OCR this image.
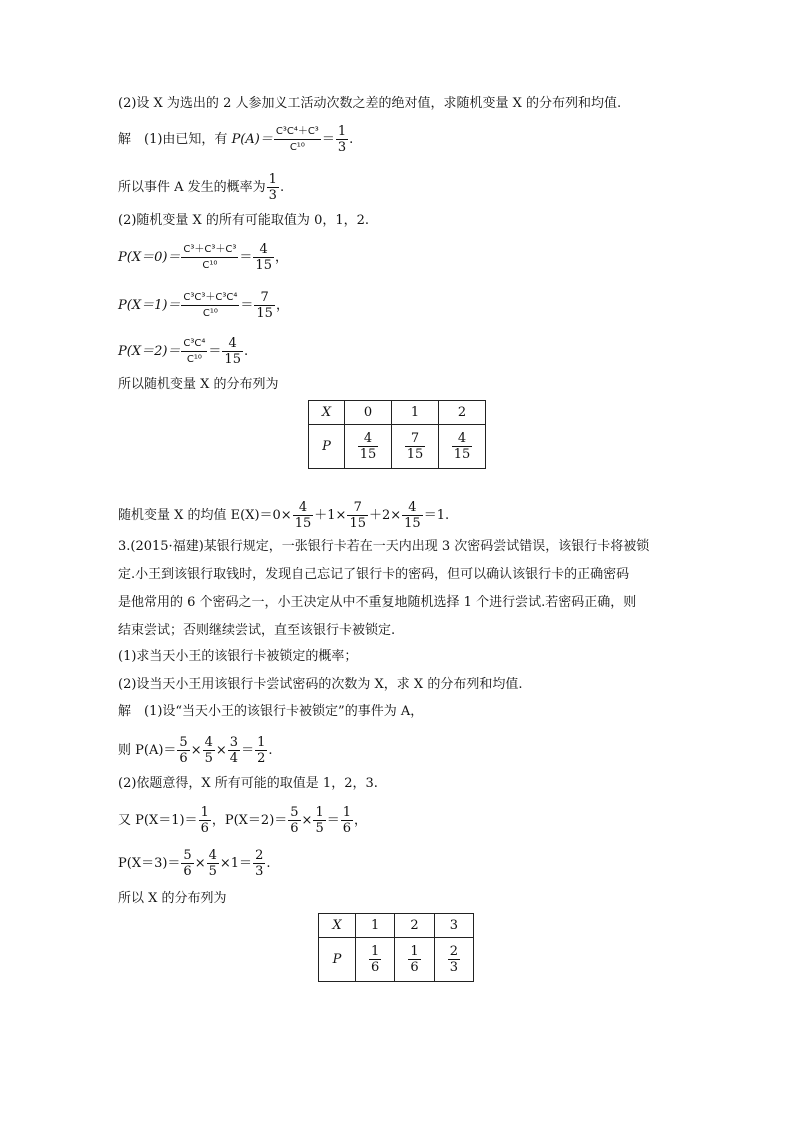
(2)设 X 为选出的 2 人参加义工活动次数之差的绝对值，求随机变量 X 的分布列和均值.
解　(1)由已知，有 $P(A)= \frac{\text{C³C⁴＋C³}}{\text{C¹⁰}} = \frac{1}{3}$ .
所以事件 A 发生的概率为 $\frac{1}{3}$ .
(2)随机变量 X 的所有可能取值为 0，1，2.
$P(X=0)= \frac{\text{C³＋C³＋C³}}{\text{C¹⁰}} = \frac{4}{15}$ ，
$P(X=1)= \frac{\text{C³C³＋C³C⁴}}{\text{C¹⁰}} = \frac{7}{15}$ ，
$P(X=2)= \frac{\text{C³C⁴}}{\text{C¹⁰}} = \frac{4}{15}$ .
所以随机变量 X 的分布列为
X	0	1	2
P	$\frac{4}{15}$	$\frac{7}{15}$	$\frac{4}{15}$
随机变量 X 的均值 $E(X)=0\times \frac{4}{15} +1\times \frac{7}{15} +2\times \frac{4}{15} =1$.
3.(2015·福建)某银行规定，一张银行卡若在一天内出现 3 次密码尝试错误，该银行卡将被锁
定.小王到该银行取钱时，发现自己忘记了银行卡的密码，但可以确认该银行卡的正确密码
是他常用的 6 个密码之一，小王决定从中不重复地随机选择 1 个进行尝试.若密码正确，则
结束尝试；否则继续尝试，直至该银行卡被锁定.
(1)求当天小王的该银行卡被锁定的概率；
(2)设当天小王用该银行卡尝试密码的次数为 X，求 X 的分布列和均值.
解　(1)设“当天小王的该银行卡被锁定”的事件为 A，
则 $P(A)= \frac{5}{6} \times \frac{4}{5} \times \frac{3}{4} = \frac{1}{2}$ .
(2)依题意得，X 所有可能的取值是 1，2，3.
又 $P(X=1)= \frac{1}{6}$ ，$P(X=2)= \frac{5}{6} \times \frac{1}{5} = \frac{1}{6}$ ，
$P(X=3)= \frac{5}{6} \times \frac{4}{5} \times 1= \frac{2}{3}$ .
所以 X 的分布列为
X	1	2	3
P	$\frac{1}{6}$	$\frac{1}{6}$	$\frac{2}{3}$
